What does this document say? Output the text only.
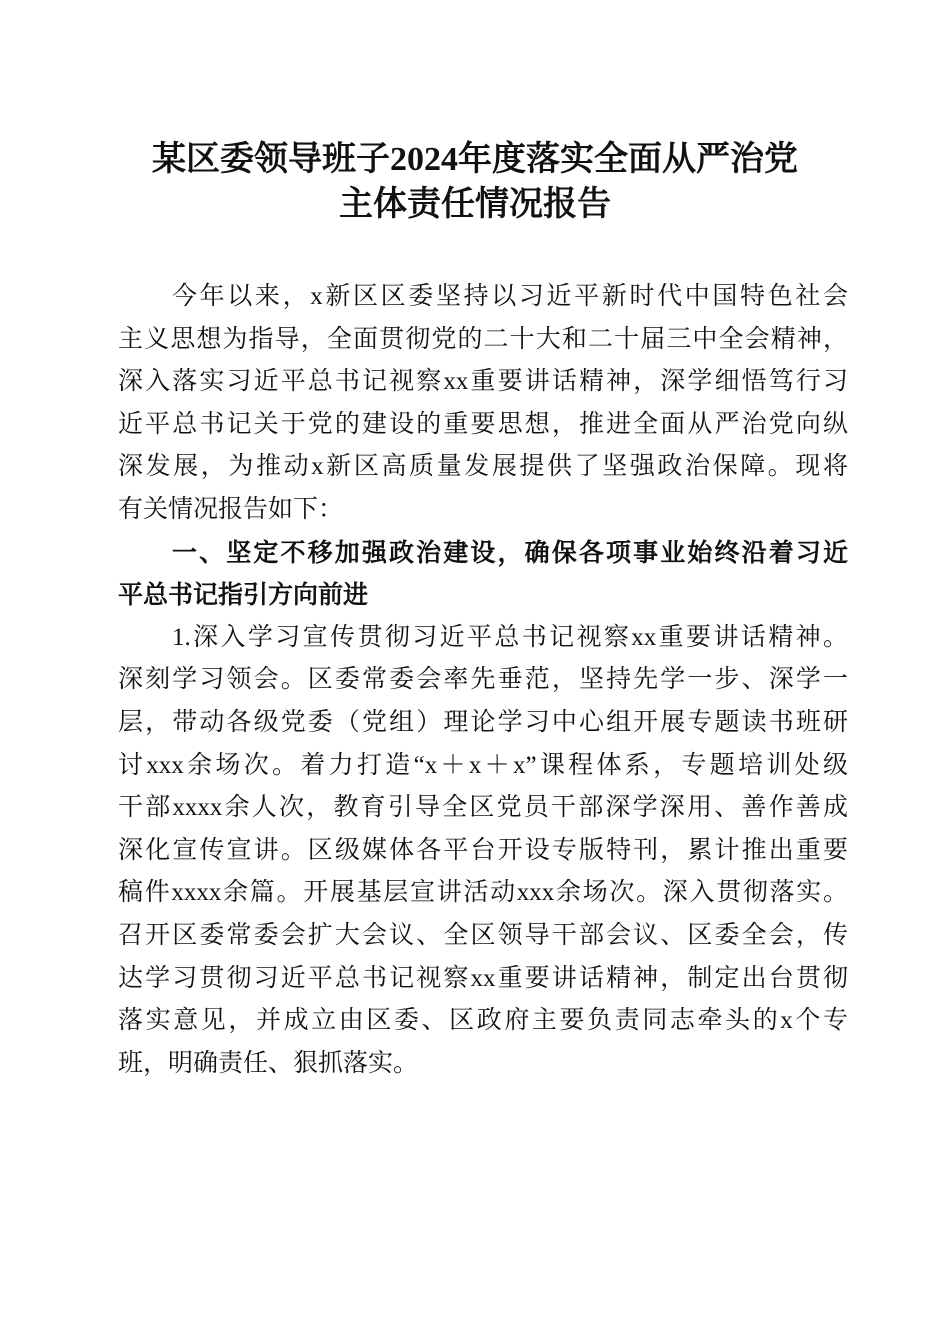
某区委领导班子2024年度落实全面从严治党
主体责任情况报告
今年以来，x新区区委坚持以习近平新时代中国特色社会
主义思想为指导，全面贯彻党的二十大和二十届三中全会精神，
深入落实习近平总书记视察xx重要讲话精神，深学细悟笃行习
近平总书记关于党的建设的重要思想，推进全面从严治党向纵
深发展，为推动x新区高质量发展提供了坚强政治保障。现将
有关情况报告如下：
一、坚定不移加强政治建设，确保各项事业始终沿着习近
平总书记指引方向前进
1.深入学习宣传贯彻习近平总书记视察xx重要讲话精神。
深刻学习领会。区委常委会率先垂范，坚持先学一步、深学一
层，带动各级党委（党组）理论学习中心组开展专题读书班研
讨xxx余场次。着力打造“x＋x＋x”课程体系，专题培训处级
干部xxxx余人次，教育引导全区党员干部深学深用、善作善成
深化宣传宣讲。区级媒体各平台开设专版特刊，累计推出重要
稿件xxxx余篇。开展基层宣讲活动xxx余场次。深入贯彻落实。
召开区委常委会扩大会议、全区领导干部会议、区委全会，传
达学习贯彻习近平总书记视察xx重要讲话精神，制定出台贯彻
落实意见，并成立由区委、区政府主要负责同志牵头的x个专
班，明确责任、狠抓落实。
